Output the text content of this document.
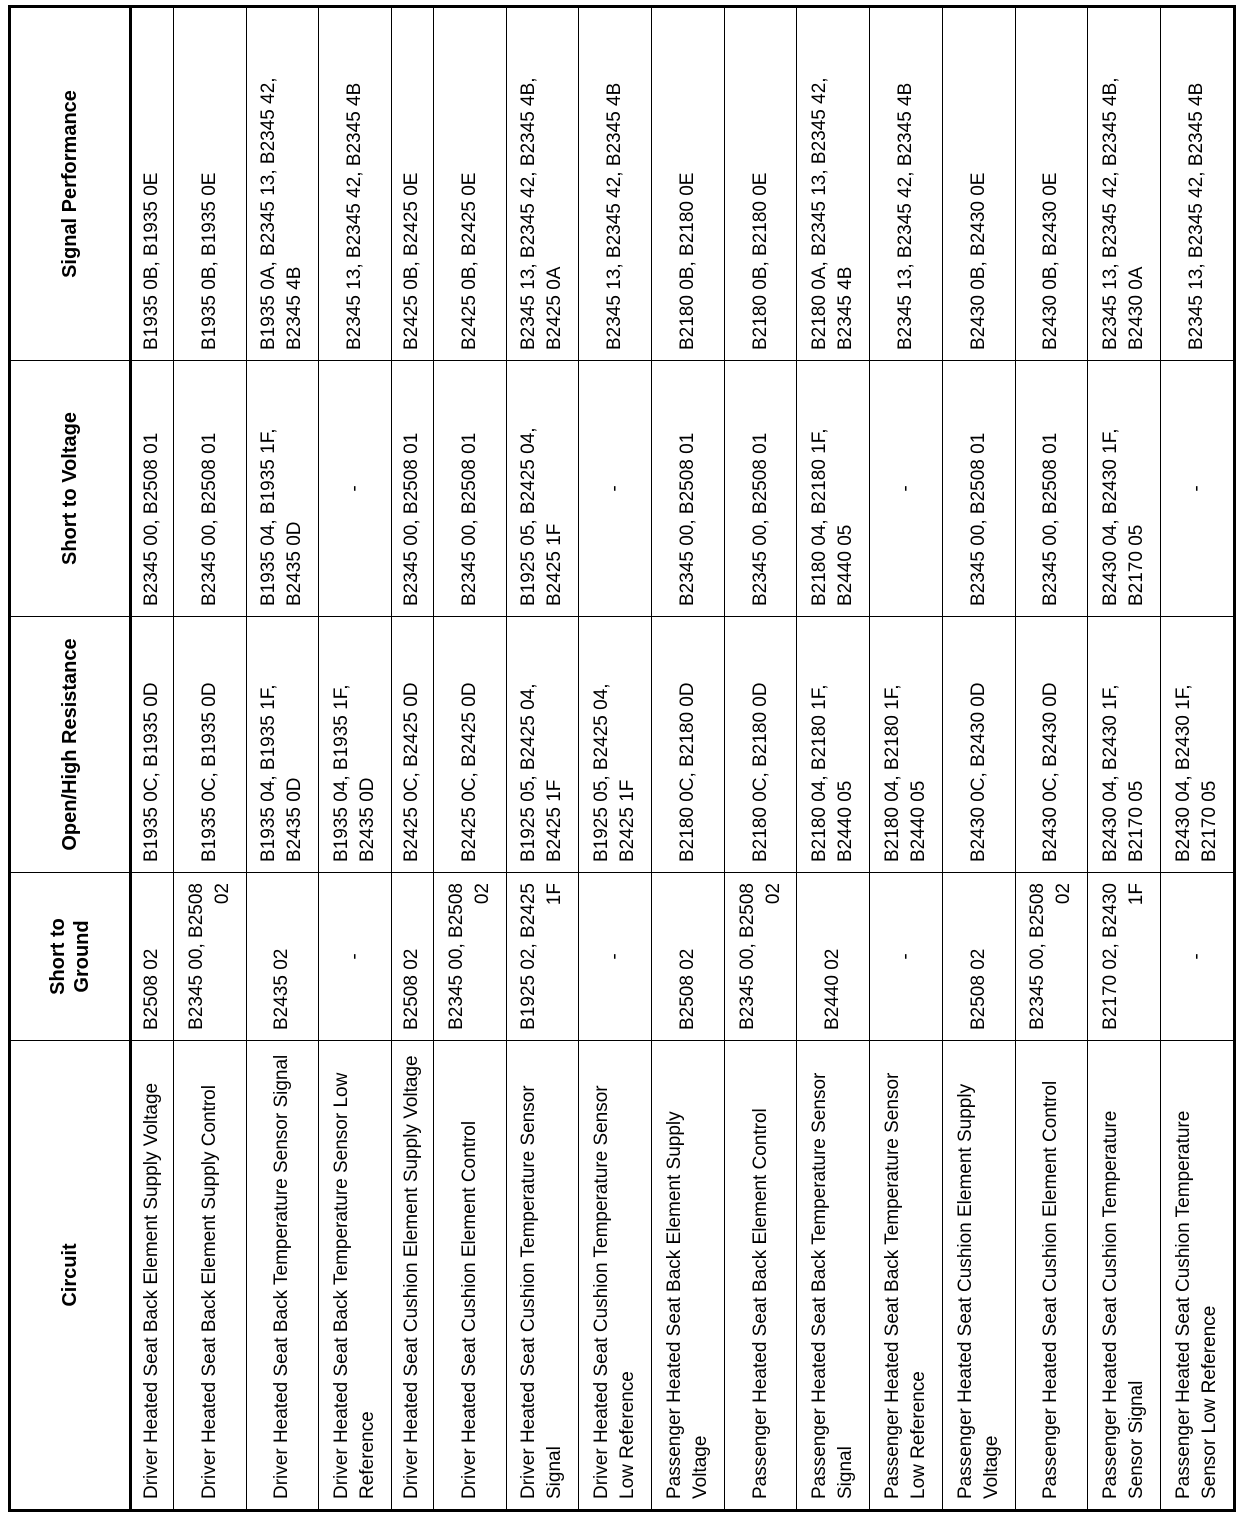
Circuit	Short to Ground	Open/High Resistance	Short to Voltage	Signal Performance
Driver Heated Seat Back Element Supply Voltage	B2508 02	B1935 0C, B1935 0D	B2345 00, B2508 01	B1935 0B, B1935 0E
Driver Heated Seat Back Element Supply Control	B2345 00, B2508 02	B1935 0C, B1935 0D	B2345 00, B2508 01	B1935 0B, B1935 0E
Driver Heated Seat Back Temperature Sensor Signal	B2435 02	B1935 04, B1935 1F, B2435 0D	B1935 04, B1935 1F, B2435 0D	B1935 0A, B2345 13, B2345 42, B2345 4B
Driver Heated Seat Back Temperature Sensor Low Reference	-	B1935 04, B1935 1F, B2435 0D	-	B2345 13, B2345 42, B2345 4B
Driver Heated Seat Cushion Element Supply Voltage	B2508 02	B2425 0C, B2425 0D	B2345 00, B2508 01	B2425 0B, B2425 0E
Driver Heated Seat Cushion Element Control	B2345 00, B2508 02	B2425 0C, B2425 0D	B2345 00, B2508 01	B2425 0B, B2425 0E
Driver Heated Seat Cushion Temperature Sensor Signal	B1925 02, B2425 1F	B1925 05, B2425 04, B2425 1F	B1925 05, B2425 04, B2425 1F	B2345 13, B2345 42, B2345 4B, B2425 0A
Driver Heated Seat Cushion Temperature Sensor Low Reference	-	B1925 05, B2425 04, B2425 1F	-	B2345 13, B2345 42, B2345 4B
Passenger Heated Seat Back Element Supply Voltage	B2508 02	B2180 0C, B2180 0D	B2345 00, B2508 01	B2180 0B, B2180 0E
Passenger Heated Seat Back Element Control	B2345 00, B2508 02	B2180 0C, B2180 0D	B2345 00, B2508 01	B2180 0B, B2180 0E
Passenger Heated Seat Back Temperature Sensor Signal	B2440 02	B2180 04, B2180 1F, B2440 05	B2180 04, B2180 1F, B2440 05	B2180 0A, B2345 13, B2345 42, B2345 4B
Passenger Heated Seat Back Temperature Sensor Low Reference	-	B2180 04, B2180 1F, B2440 05	-	B2345 13, B2345 42, B2345 4B
Passenger Heated Seat Cushion Element Supply Voltage	B2508 02	B2430 0C, B2430 0D	B2345 00, B2508 01	B2430 0B, B2430 0E
Passenger Heated Seat Cushion Element Control	B2345 00, B2508 02	B2430 0C, B2430 0D	B2345 00, B2508 01	B2430 0B, B2430 0E
Passenger Heated Seat Cushion Temperature Sensor Signal	B2170 02, B2430 1F	B2430 04, B2430 1F, B2170 05	B2430 04, B2430 1F, B2170 05	B2345 13, B2345 42, B2345 4B, B2430 0A
Passenger Heated Seat Cushion Temperature Sensor Low Reference	-	B2430 04, B2430 1F, B2170 05	-	B2345 13, B2345 42, B2345 4B
